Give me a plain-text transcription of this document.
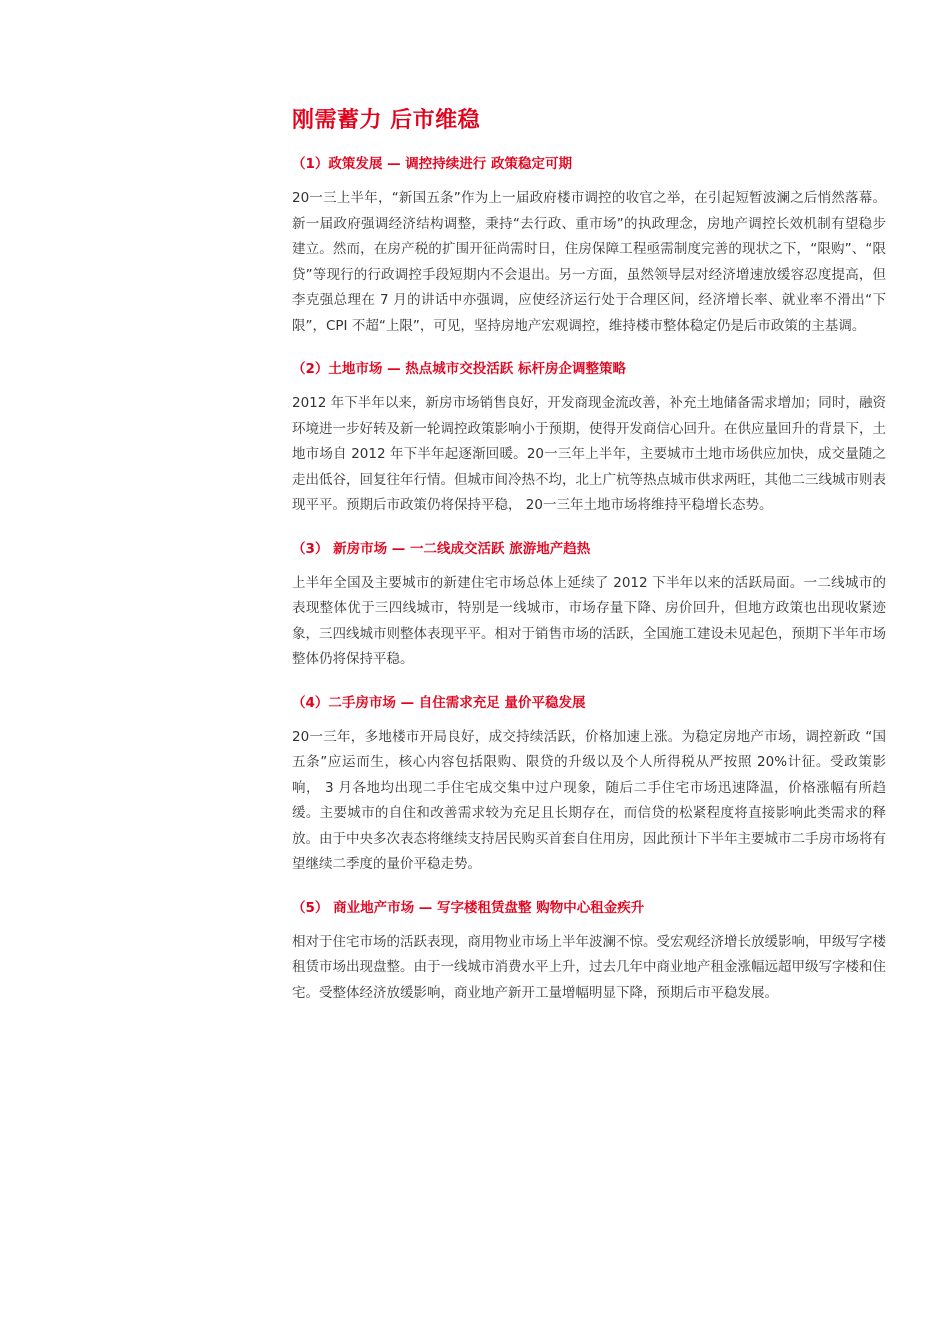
刚需蓄力 后市维稳
（1）政策发展 — 调控持续进行 政策稳定可期

20一三上半年，“新国五条”作为上一届政府楼市调控的收官之举，在引起短暂波澜之后悄然落幕。新一届政府强调经济结构调整，秉持“去行政、重市场”的执政理念，房地产调控长效机制有望稳步建立。然而，在房产税的扩围开征尚需时日，住房保障工程亟需制度完善的现状之下，“限购”、“限贷”等现行的行政调控手段短期内不会退出。另一方面，虽然领导层对经济增速放缓容忍度提高，但李克强总理在 7 月的讲话中亦强调，应使经济运行处于合理区间，经济增长率、就业率不滑出“下限”，CPI 不超“上限”，可见，坚持房地产宏观调控，维持楼市整体稳定仍是后市政策的主基调。

（2）土地市场 — 热点城市交投活跃 标杆房企调整策略

2012 年下半年以来，新房市场销售良好，开发商现金流改善，补充土地储备需求增加；同时，融资环境进一步好转及新一轮调控政策影响小于预期，使得开发商信心回升。在供应量回升的背景下，土地市场自 2012 年下半年起逐渐回暖。20一三年上半年，主要城市土地市场供应加快，成交量随之走出低谷，回复往年行情。但城市间冷热不均，北上广杭等热点城市供求两旺，其他二三线城市则表现平平。预期后市政策仍将保持平稳， 20一三年土地市场将维持平稳增长态势。

（3） 新房市场 — 一二线成交活跃 旅游地产趋热

上半年全国及主要城市的新建住宅市场总体上延续了 2012 下半年以来的活跃局面。一二线城市的表现整体优于三四线城市，特别是一线城市，市场存量下降、房价回升，但地方政策也出现收紧迹象，三四线城市则整体表现平平。相对于销售市场的活跃，全国施工建设未见起色，预期下半年市场整体仍将保持平稳。

（4）二手房市场 — 自住需求充足 量价平稳发展

20一三年，多地楼市开局良好，成交持续活跃，价格加速上涨。为稳定房地产市场，调控新政 “国五条”应运而生，核心内容包括限购、限贷的升级以及个人所得税从严按照 20%计征。受政策影响， 3 月各地均出现二手住宅成交集中过户现象，随后二手住宅市场迅速降温，价格涨幅有所趋缓。主要城市的自住和改善需求较为充足且长期存在，而信贷的松紧程度将直接影响此类需求的释放。由于中央多次表态将继续支持居民购买首套自住用房，因此预计下半年主要城市二手房市场将有望继续二季度的量价平稳走势。

（5） 商业地产市场 — 写字楼租赁盘整 购物中心租金疾升

相对于住宅市场的活跃表现，商用物业市场上半年波澜不惊。受宏观经济增长放缓影响，甲级写字楼租赁市场出现盘整。由于一线城市消费水平上升，过去几年中商业地产租金涨幅远超甲级写字楼和住宅。受整体经济放缓影响，商业地产新开工量增幅明显下降，预期后市平稳发展。
